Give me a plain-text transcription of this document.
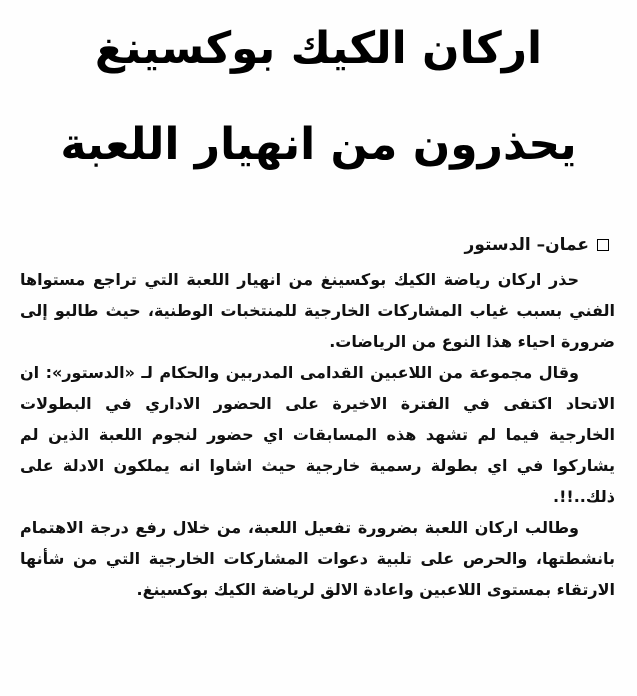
اركان الكيك بوكسينغ
يحذرون من انهيار اللعبة
عمان– الدستور

حذر اركان رياضة الكيك بوكسينغ من انهيار اللعبة التي تراجع مستواها الفني بسبب غياب المشاركات الخارجية للمنتخبات الوطنية، حيث طالبو إلى ضرورة احياء هذا النوع من الرياضات.

وقال مجموعة من اللاعبين القدامى المدربين والحكام لـ «الدستور»: ان الاتحاد اكتفى في الفترة الاخيرة على الحضور الاداري في البطولات الخارجية فيما لم تشهد هذه المسابقات اي حضور لنجوم اللعبة الذين لم يشاركوا في اي بطولة رسمية خارجية حيث اشاوا انه يملكون الادلة على ذلك..!!.

وطالب اركان اللعبة بضرورة تفعيل اللعبة، من خلال رفع درجة الاهتمام بانشطتها، والحرص على تلبية دعوات المشاركات الخارجية التي من شأنها الارتقاء بمستوى اللاعبين واعادة الالق لرياضة الكيك بوكسينغ.
